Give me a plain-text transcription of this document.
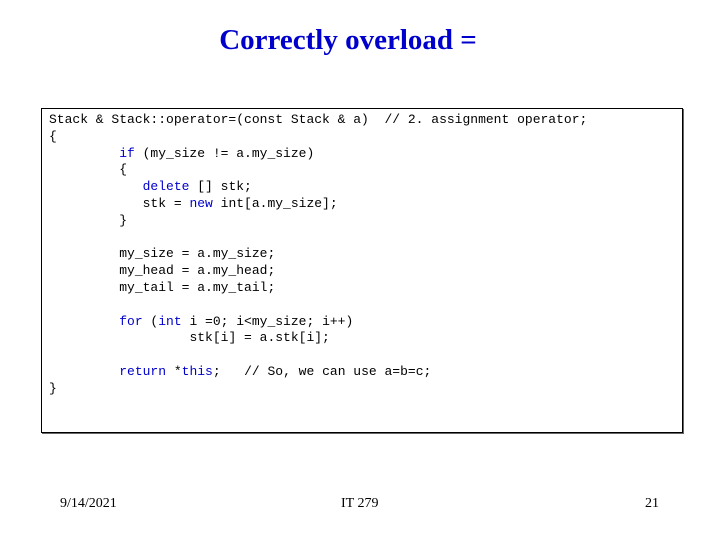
Correctly overload =
Stack & Stack::operator=(const Stack & a) // 2. assignment operator;
{
if (my_size != a.my_size)
{
delete [] stk;
stk = new int[a.my_size];
}

my_size = a.my_size;
my_head = a.my_head;
my_tail = a.my_tail;

for (int i =0; i<my_size; i++)
stk[i] = a.stk[i];

return *this; // So, we can use a=b=c;
}
9/14/2021	IT 279	21
